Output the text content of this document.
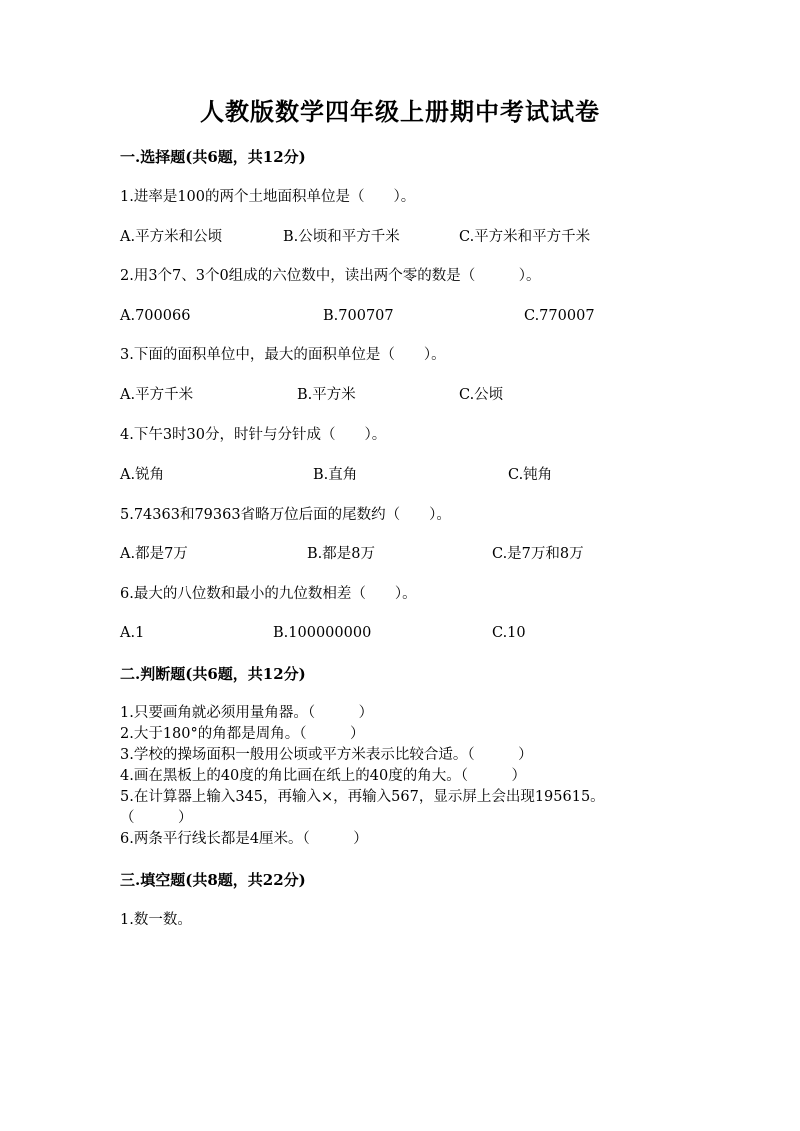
人教版数学四年级上册期中考试试卷
一.选择题(共6题，共12分)
1.进率是100的两个土地面积单位是（　　）。
A.平方米和公顷	B.公顷和平方千米	C.平方米和平方千米
2.用3个7、3个0组成的六位数中，读出两个零的数是（　　　）。
A.700066	B.700707	C.770007
3.下面的面积单位中，最大的面积单位是（　　）。
A.平方千米	B.平方米	C.公顷
4.下午3时30分，时针与分针成（　　）。
A.锐角	B.直角	C.钝角
5.74363和79363省略万位后面的尾数约（　　）。
A.都是7万	B.都是8万	C.是7万和8万
6.最大的八位数和最小的九位数相差（　　）。
A.1	B.100000000	C.10
二.判断题(共6题，共12分)
1.只要画角就必须用量角器。（　　　）
2.大于180°的角都是周角。（　　　）
3.学校的操场面积一般用公顷或平方米表示比较合适。（　　　）
4.画在黑板上的40度的角比画在纸上的40度的角大。（　　　）
5.在计算器上输入345，再输入×，再输入567，显示屏上会出现195615。
（　　　）
6.两条平行线长都是4厘米。（　　　）
三.填空题(共8题，共22分)
1.数一数。
